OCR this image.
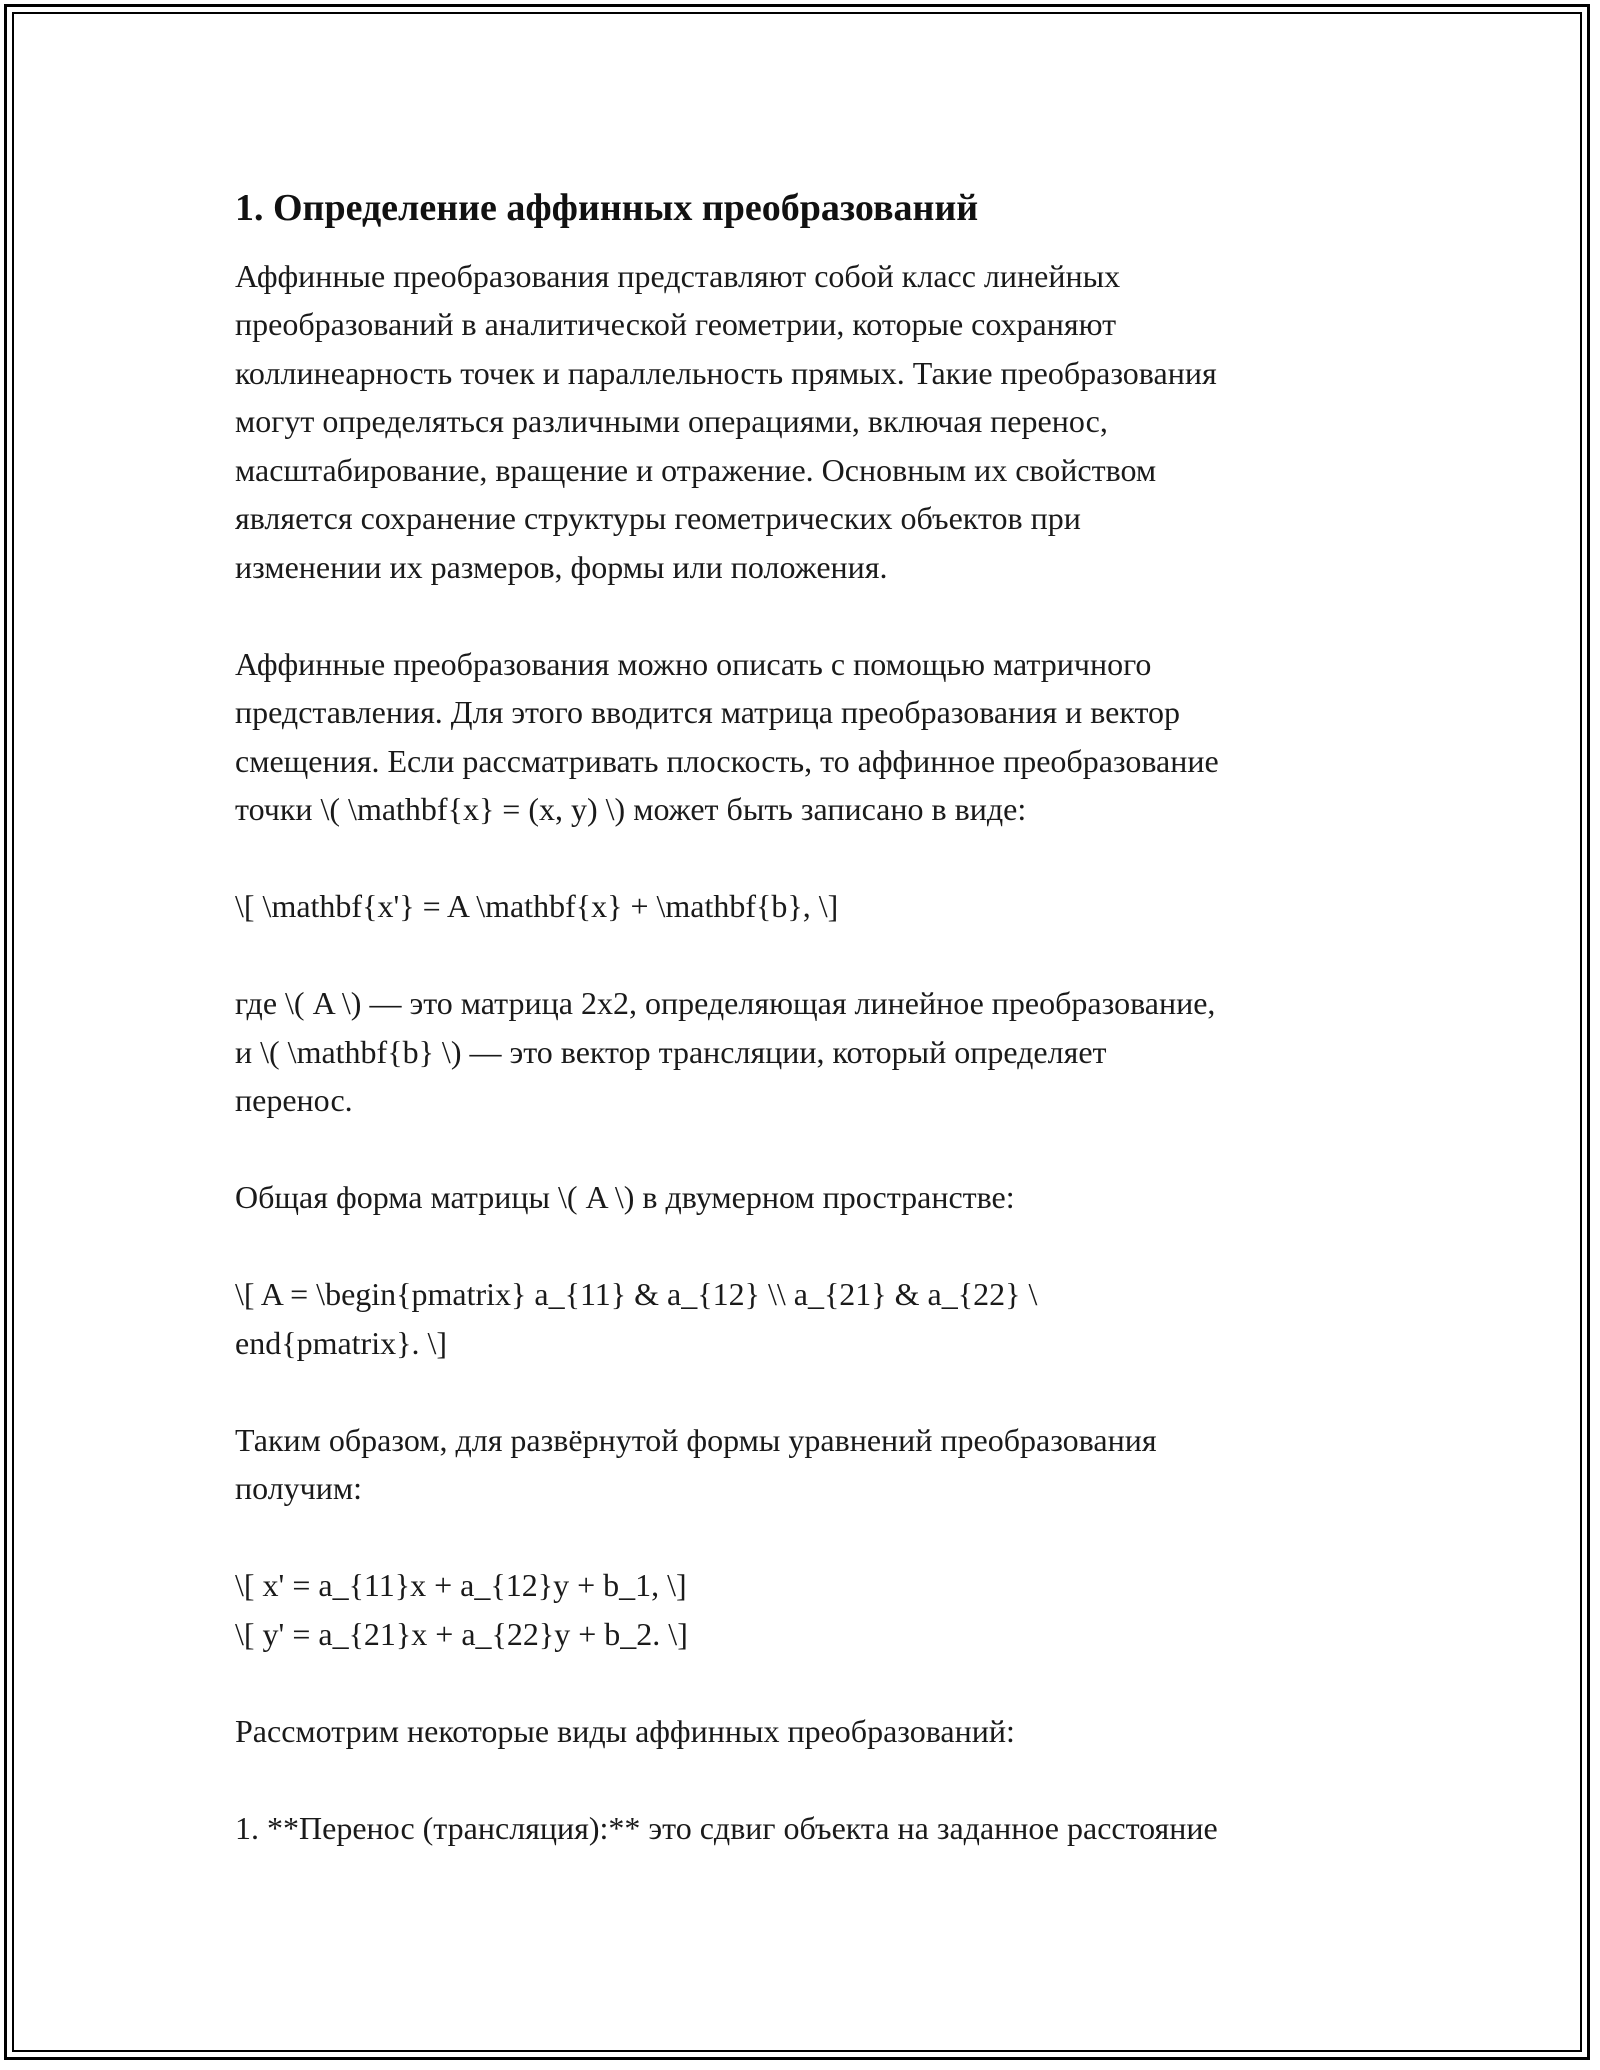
1. Определение аффинных преобразований

Аффинные преобразования представляют собой класс линейных
преобразований в аналитической геометрии, которые сохраняют
коллинеарность точек и параллельность прямых. Такие преобразования
могут определяться различными операциями, включая перенос,
масштабирование, вращение и отражение. Основным их свойством
является сохранение структуры геометрических объектов при
изменении их размеров, формы или положения.

Аффинные преобразования можно описать с помощью матричного
представления. Для этого вводится матрица преобразования и вектор
смещения. Если рассматривать плоскость, то аффинное преобразование
точки \( \mathbf{x} = (x, y) \) может быть записано в виде:

\[ \mathbf{x'} = A \mathbf{x} + \mathbf{b}, \]

где \( A \) — это матрица 2x2, определяющая линейное преобразование,
и \( \mathbf{b} \) — это вектор трансляции, который определяет
перенос.

Общая форма матрицы \( A \) в двумерном пространстве:

\[ A = \begin{pmatrix} a_{11} & a_{12} \\ a_{21} & a_{22} \
end{pmatrix}. \]

Таким образом, для развёрнутой формы уравнений преобразования
получим:

\[ x' = a_{11}x + a_{12}y + b_1, \]
\[ y' = a_{21}x + a_{22}y + b_2. \]

Рассмотрим некоторые виды аффинных преобразований:

1. **Перенос (трансляция):** это сдвиг объекта на заданное расстояние
